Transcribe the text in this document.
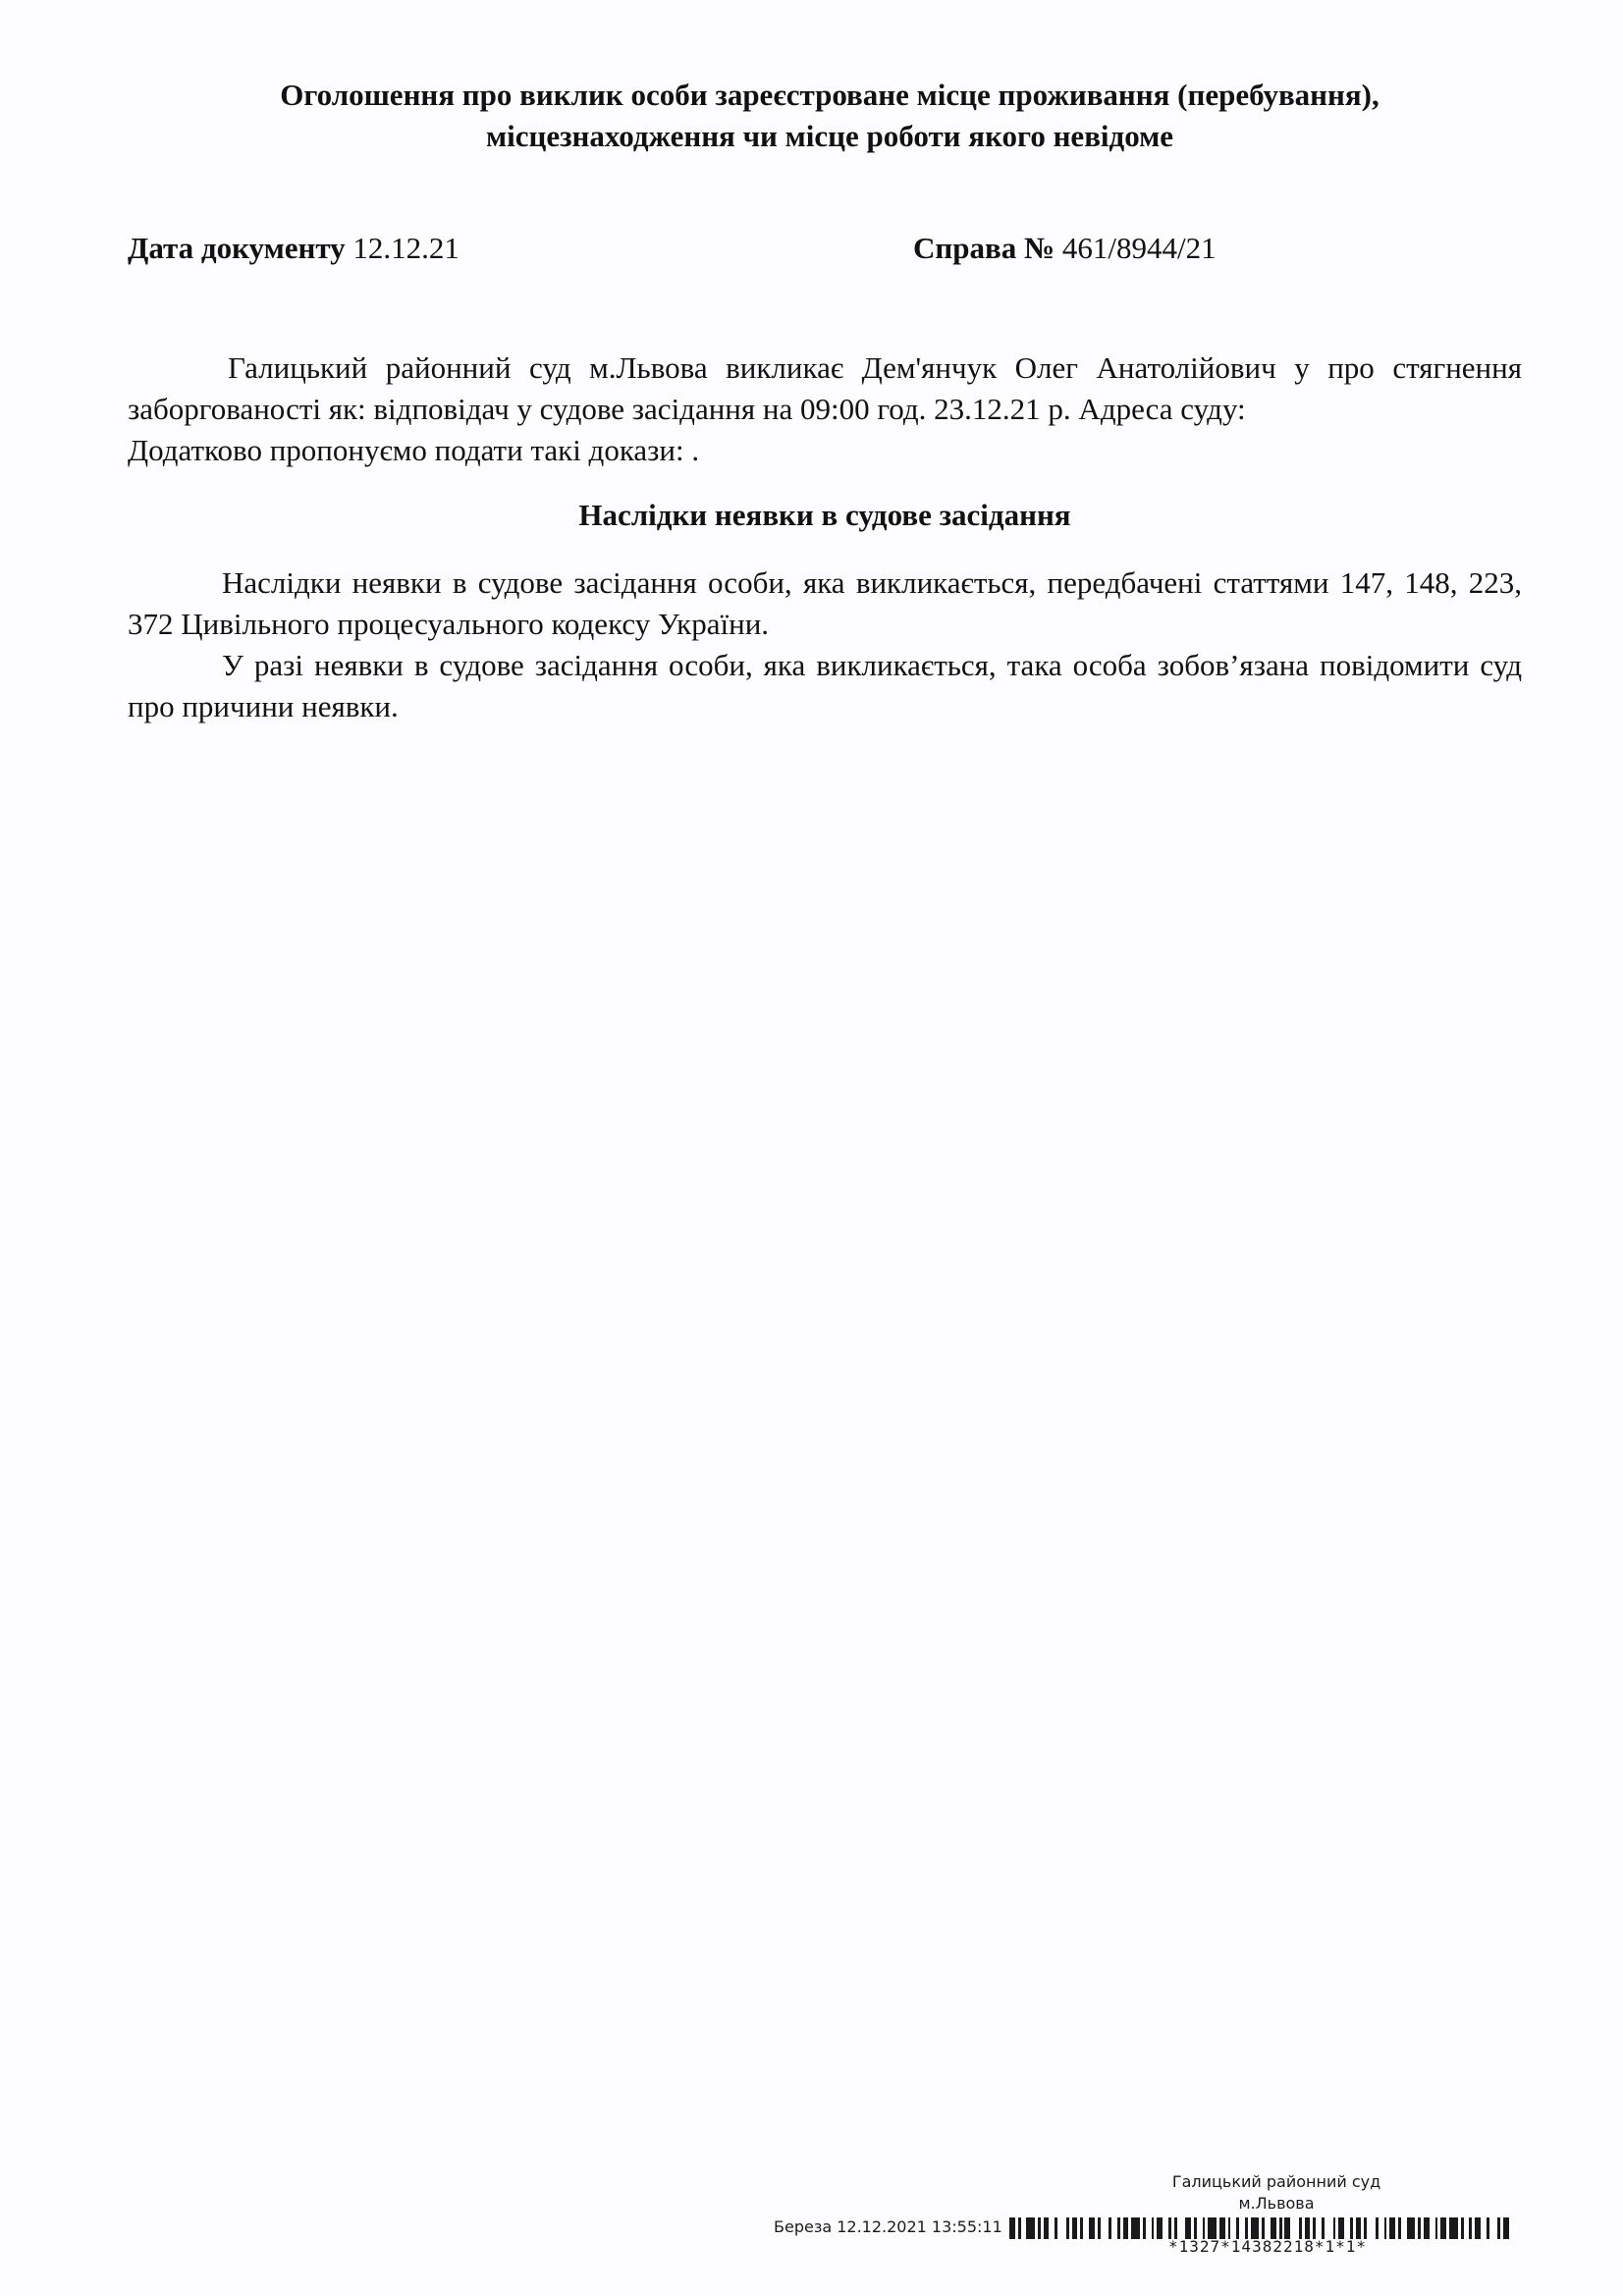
Оголошення про виклик особи зареєстроване місце проживання (перебування),
місцезнаходження чи місце роботи якого невідоме
Дата документу 12.12.21	Справа № 461/8944/21
Галицький районний суд м.Львова викликає Дем'янчук Олег Анатолійович у про стягнення заборгованості як: відповідач у судове засідання на 09:00 год. 23.12.21 р. Адреса суду:
Додатково пропонуємо подати такі докази: .
Наслідки неявки в судове засідання
Наслідки неявки в судове засідання особи, яка викликається, передбачені статтями 147, 148, 223, 372 Цивільного процесуального кодексу України.
У разі неявки в судове засідання особи, яка викликається, така особа зобов’язана повідомити суд про причини неявки.
Галицький районний суд
м.Львова
Береза 12.12.2021 13:55:11
*1327*14382218*1*1*
